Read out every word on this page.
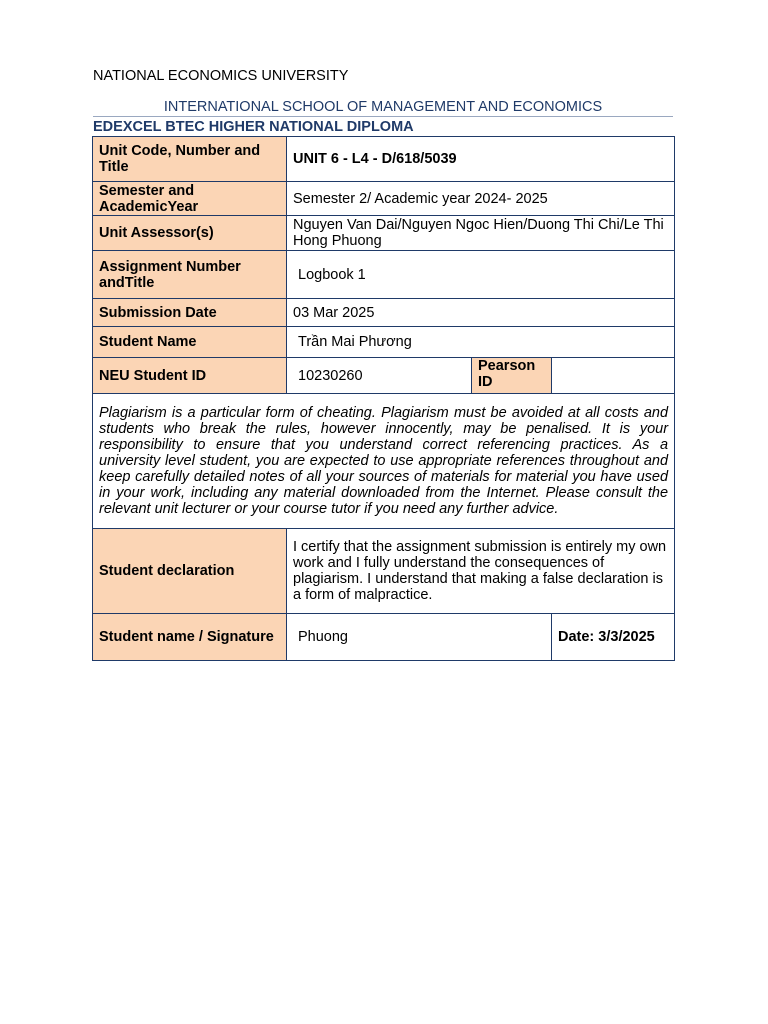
NATIONAL ECONOMICS UNIVERSITY
INTERNATIONAL SCHOOL OF MANAGEMENT AND ECONOMICS
EDEXCEL BTEC HIGHER NATIONAL DIPLOMA
Unit Code, Number and Title	UNIT 6 - L4 - D/618/5039		
Semester and AcademicYear	Semester 2/ Academic year 2024- 2025		
Unit Assessor(s)	Nguyen Van Dai/Nguyen Ngoc Hien/Duong Thi Chi/Le Thi Hong Phuong		
Assignment Number andTitle	Logbook 1		
Submission Date	03 Mar 2025		
Student Name	Trần Mai Phương		
NEU Student ID	10230260	Pearson ID	
Plagiarism is a particular form of cheating. Plagiarism must be avoided at all costs and students who break the rules, however innocently, may be penalised. It is your responsibility to ensure that you understand correct referencing practices. As a university level student, you are expected to use appropriate references throughout and keep carefully detailed notes of all your sources of materials for material you have used in your work, including any material downloaded from the Internet. Please consult the relevant unit lecturer or your course tutor if you need any further advice.			
Student declaration	I certify that the assignment submission is entirely my own work and I fully understand the consequences of plagiarism. I understand that making a false declaration is a form of malpractice.		
Student name / Signature	Phuong		Date: 3/3/2025
